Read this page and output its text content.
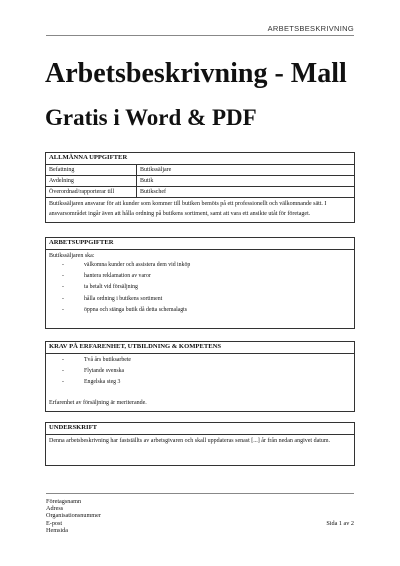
ARBETSBESKRIVNING
Arbetsbeskrivning - Mall
Gratis i Word & PDF
ALLMÄNNA UPPGIFTER
Befattning	Butikssäljare
Avdelning	Butik
Överordnad/rapporterar till	Butikschef
Butikssäljaren ansvarar för att kunder som kommer till butiken bemöts på ett professionellt och välkomnande sätt. I ansvarsområdet ingår även att hålla ordning på butikens sortiment, samt att vara ett ansikte utåt för företaget.
ARBETSUPPGIFTER
Butikssäljaren ska:
- välkomna kunder och assistera dem vid inköp
- hantera reklamation av varor
- ta betalt vid försäljning
- hålla ordning i butikens sortiment
- öppna och stänga butik då detta schemalagts
KRAV PÅ ERFARENHET, UTBILDNING & KOMPETENS
- Två års butiksarbete
- Flytande svenska
- Engelska steg 3
Erfarenhet av försäljning är meriterande.
UNDERSKRIFT
Denna arbetsbeskrivning har fastställts av arbetsgivaren och skall uppdateras senast [...] år från nedan angivet datum.
Företagsnamn
Adress
Organisationsnummer
E-post
Hemsida
Sida 1 av 2
